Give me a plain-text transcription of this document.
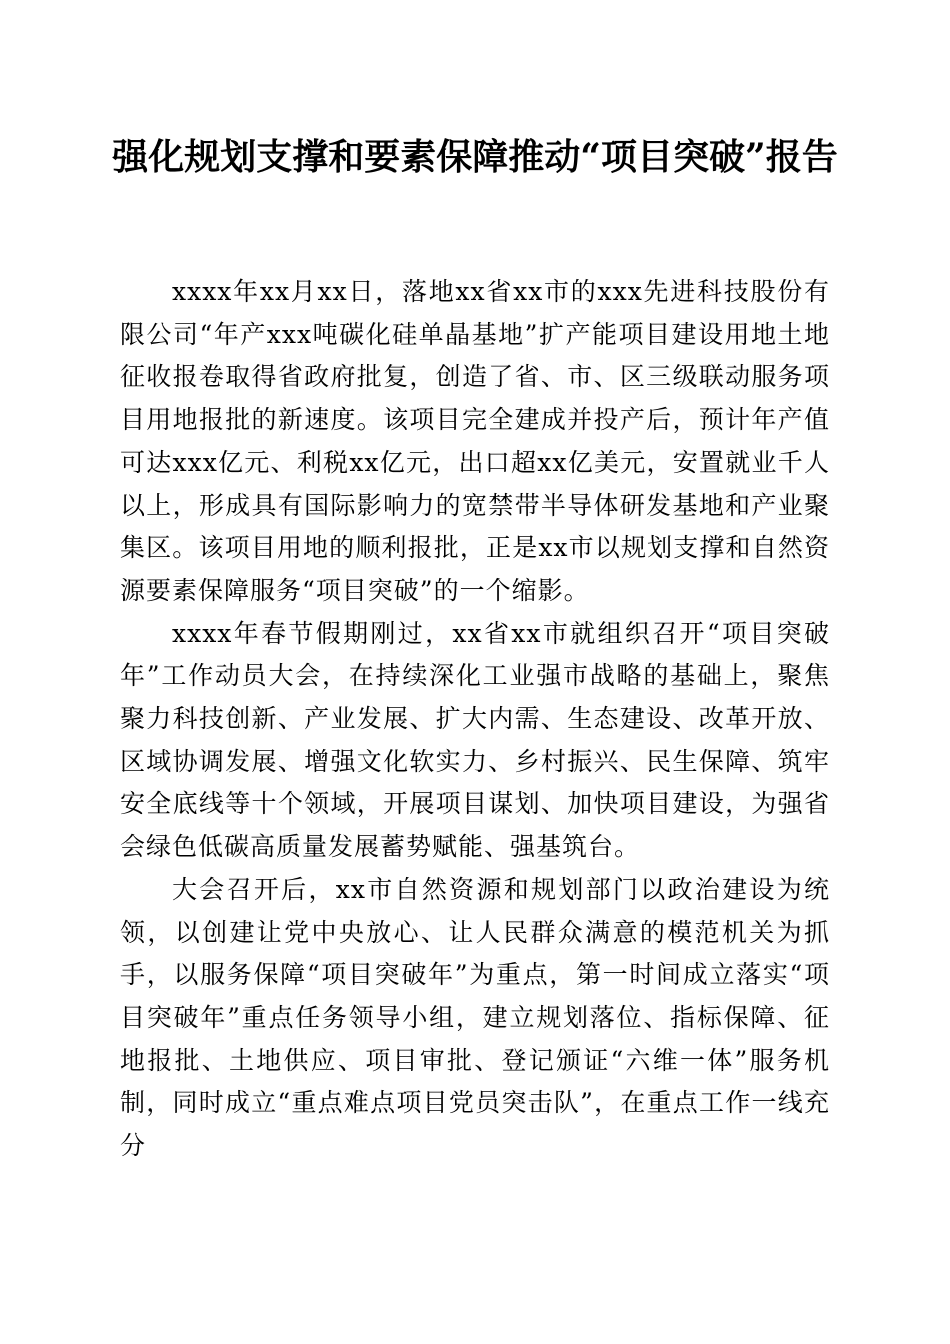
强化规划支撑和要素保障推动“项目突破”报告

xxxx年xx月xx日，落地xx省xx市的xxx先进科技股份有限公司“年产xxx吨碳化硅单晶基地”扩产能项目建设用地土地征收报卷取得省政府批复，创造了省、市、区三级联动服务项目用地报批的新速度。该项目完全建成并投产后，预计年产值可达xxx亿元、利税xx亿元，出口超xx亿美元，安置就业千人以上，形成具有国际影响力的宽禁带半导体研发基地和产业聚集区。该项目用地的顺利报批，正是xx市以规划支撑和自然资源要素保障服务“项目突破”的一个缩影。

xxxx年春节假期刚过，xx省xx市就组织召开“项目突破年”工作动员大会，在持续深化工业强市战略的基础上，聚焦聚力科技创新、产业发展、扩大内需、生态建设、改革开放、区域协调发展、增强文化软实力、乡村振兴、民生保障、筑牢安全底线等十个领域，开展项目谋划、加快项目建设，为强省会绿色低碳高质量发展蓄势赋能、强基筑台。

大会召开后，xx市自然资源和规划部门以政治建设为统领，以创建让党中央放心、让人民群众满意的模范机关为抓手，以服务保障“项目突破年”为重点，第一时间成立落实“项目突破年”重点任务领导小组，建立规划落位、指标保障、征地报批、土地供应、项目审批、登记颁证“六维一体”服务机制，同时成立“重点难点项目党员突击队”，在重点工作一线充分
